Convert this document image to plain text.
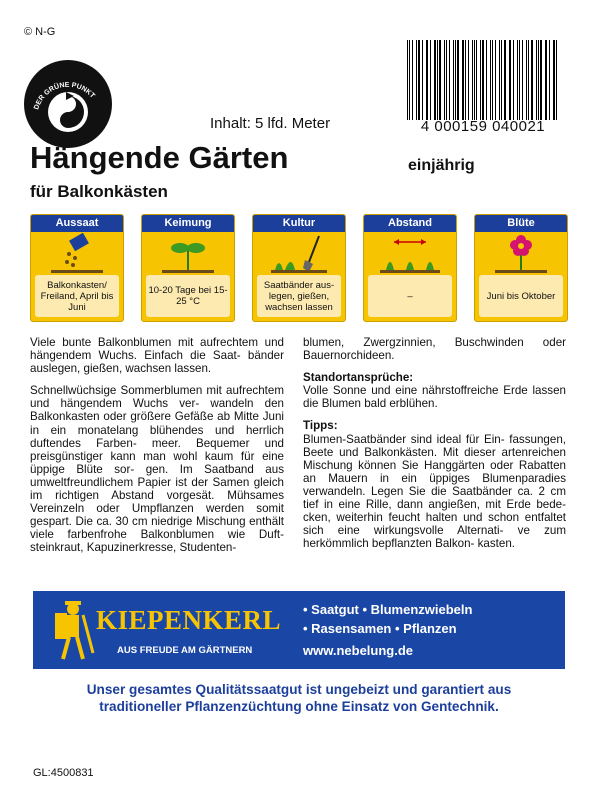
© N-G
DER GRÜNE PUNKT
4 000159 040021
Inhalt: 5 lfd. Meter
Hängende Gärten	einjährig
für Balkonkästen
Aussaat
Balkonkasten/ Freiland, April bis Juni
Keimung
10-20 Tage bei 15-25 °C
Kultur
Saatbänder aus- legen, gießen, wachsen lassen
Abstand
–
Blüte
Juni bis Oktober

Viele bunte Balkonblumen mit aufrechtem und hängendem Wuchs. Einfach die Saat- bänder auslegen, gießen, wachsen lassen.

Schnellwüchsige Sommerblumen mit aufrechtem und hängendem Wuchs ver- wandeln den Balkonkasten oder größere Gefäße ab Mitte Juni in ein monatelang blühendes und herrlich duftendes Farben- meer. Bequemer und preisgünstiger kann man wohl kaum für eine üppige Blüte sor- gen. Im Saatband aus umweltfreundlichem Papier ist der Samen gleich im richtigen Abstand vorgesät. Mühsames Vereinzeln oder Umpflanzen werden somit gespart. Die ca. 30 cm niedrige Mischung enthält viele farbenfrohe Balkonblumen wie Duft- steinkraut, Kapuzinerkresse, Studenten-

blumen, Zwergzinnien, Buschwinden oder Bauernorchideen.

Standortansprüche:

Volle Sonne und eine nährstoffreiche Erde lassen die Blumen bald erblühen.

Tipps:

Blumen-Saatbänder sind ideal für Ein- fassungen, Beete und Balkonkästen. Mit dieser artenreichen Mischung können Sie Hanggärten oder Rabatten an Mauern in ein üppiges Blumenparadies verwandeln. Legen Sie die Saatbänder ca. 2 cm tief in eine Rille, dann angießen, mit Erde bede- cken, weiterhin feucht halten und schon entfaltet sich eine wirkungsvolle Alternati- ve zum herkömmlich bepflanzten Balkon- kasten.

KIEPENKERL
AUS FREUDE AM GÄRTNERN
• Saatgut • Blumenzwiebeln
• Rasensamen • Pflanzen
www.nebelung.de
Unser gesamtes Qualitätssaatgut ist ungebeizt und garantiert aus
traditioneller Pflanzenzüchtung ohne Einsatz von Gentechnik.
GL:4500831
